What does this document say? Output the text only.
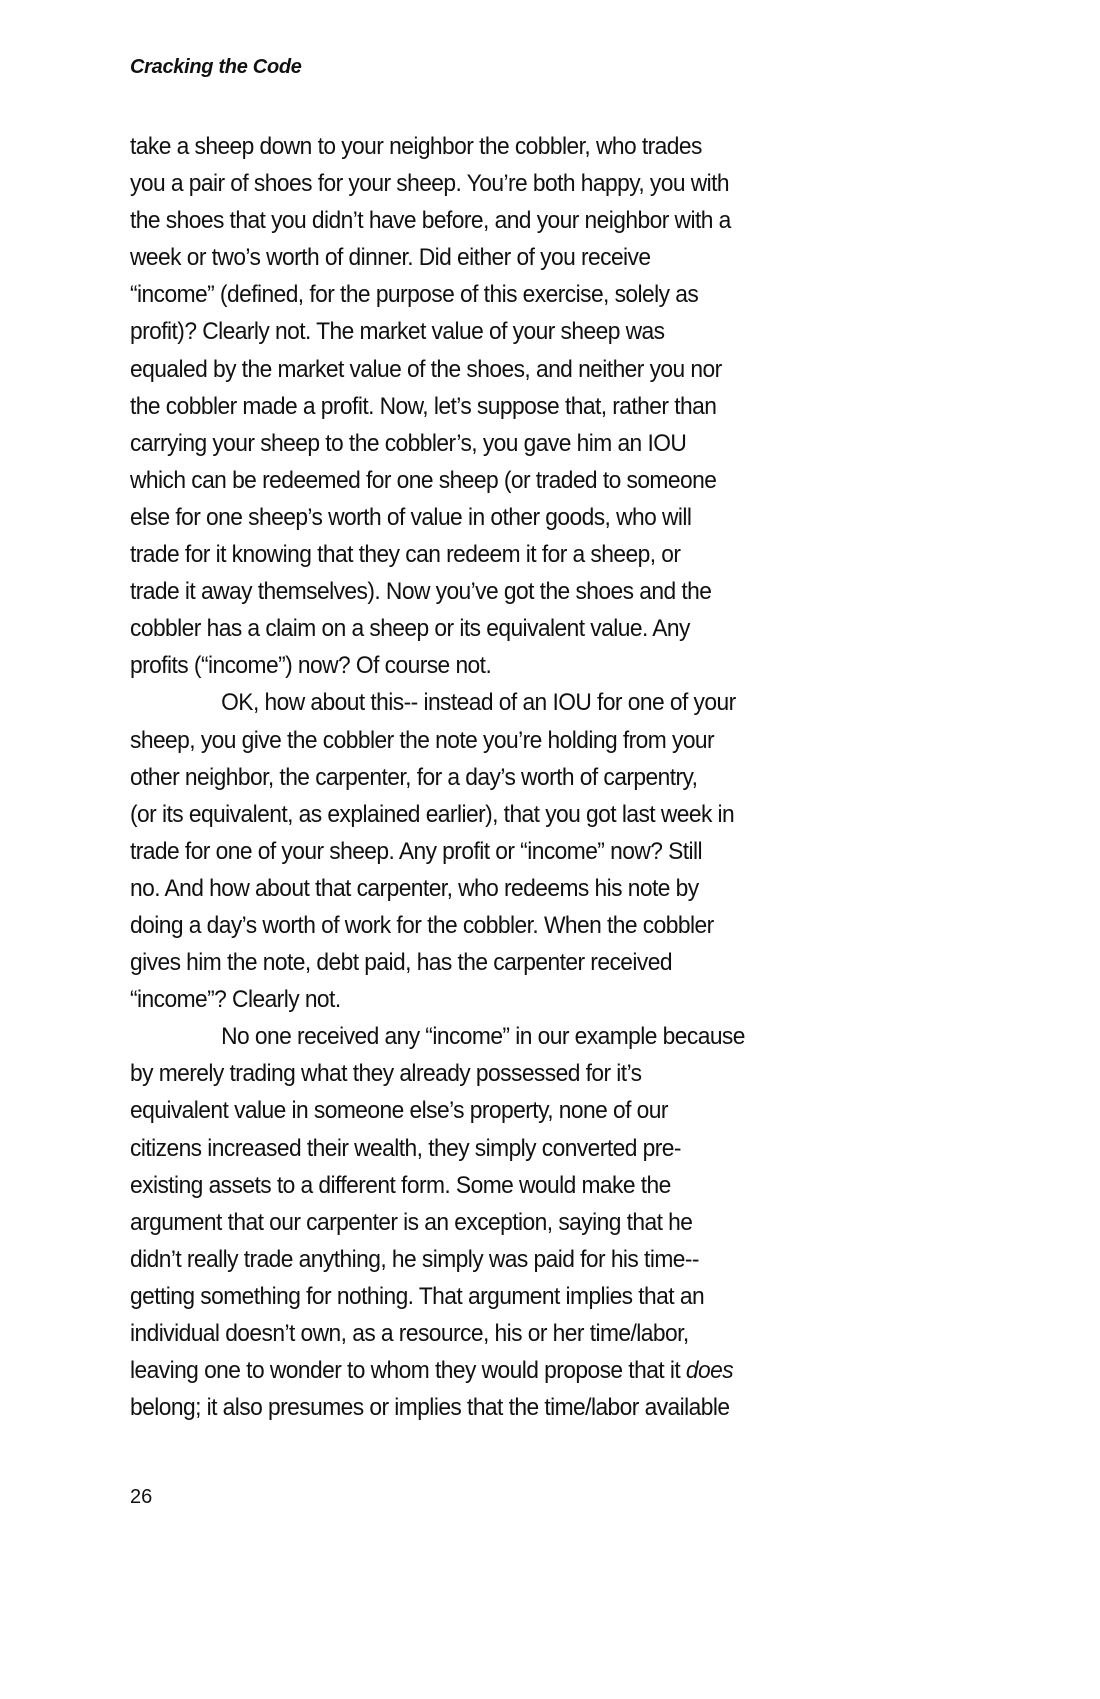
Cracking the Code
take a sheep down to your neighbor the cobbler, who trades
you a pair of shoes for your sheep. You’re both happy, you with
the shoes that you didn’t have before, and your neighbor with a
week or two’s worth of dinner. Did either of you receive
“income” (defined, for the purpose of this exercise, solely as
profit)? Clearly not. The market value of your sheep was
equaled by the market value of the shoes, and neither you nor
the cobbler made a profit. Now, let’s suppose that, rather than
carrying your sheep to the cobbler’s, you gave him an IOU
which can be redeemed for one sheep (or traded to someone
else for one sheep’s worth of value in other goods, who will
trade for it knowing that they can redeem it for a sheep, or
trade it away themselves). Now you’ve got the shoes and the
cobbler has a claim on a sheep or its equivalent value. Any
profits (“income”) now? Of course not.
OK, how about this-- instead of an IOU for one of your
sheep, you give the cobbler the note you’re holding from your
other neighbor, the carpenter, for a day’s worth of carpentry,
(or its equivalent, as explained earlier), that you got last week in
trade for one of your sheep. Any profit or “income” now? Still
no. And how about that carpenter, who redeems his note by
doing a day’s worth of work for the cobbler. When the cobbler
gives him the note, debt paid, has the carpenter received
“income”? Clearly not.
No one received any “income” in our example because
by merely trading what they already possessed for it’s
equivalent value in someone else’s property, none of our
citizens increased their wealth, they simply converted pre-
existing assets to a different form. Some would make the
argument that our carpenter is an exception, saying that he
didn’t really trade anything, he simply was paid for his time--
getting something for nothing. That argument implies that an
individual doesn’t own, as a resource, his or her time/labor,
leaving one to wonder to whom they would propose that it does
belong; it also presumes or implies that the time/labor available
26
